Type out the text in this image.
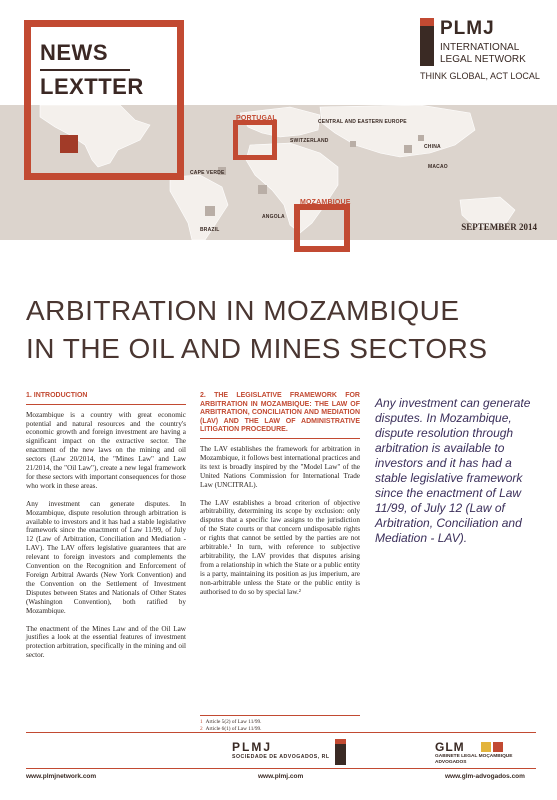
NEWS
LEXTTER
PORTUGAL	CENTRAL AND EASTERN EUROPE
SWITZERLAND
CHINA
MACAO
CAPE VERDE
ANGOLA
MOZAMBIQUE
BRAZIL	SEPTEMBER 2014
PLMJ
INTERNATIONAL
LEGAL NETWORK
THINK GLOBAL, ACT LOCAL
ARBITRATION IN MOZAMBIQUE
IN THE OIL AND MINES SECTORS
1. INTRODUCTION

Mozambique is a country with great economic potential and natural resources and the country's economic growth and foreign investment are having a significant impact on the extractive sector. The enactment of the new laws on the mining and oil sectors (Law 20/2014, the "Mines Law" and Law 21/2014, the "Oil Law"), create a new legal framework for these sectors with important consequences for those who work in these areas.

Any investment can generate disputes. In Mozambique, dispute resolution through arbitration is available to investors and it has had a stable legislative framework since the enactment of Law 11/99, of July 12 (Law of Arbitration, Conciliation and Mediation - LAV). The LAV offers legislative guarantees that are relevant to foreign investors and complements the Convention on the Recognition and Enforcement of Foreign Arbitral Awards (New York Convention) and the Convention on the Settlement of Investment Disputes between States and Nationals of Other States (Washington Convention), both ratified by Mozambique.

The enactment of the Mines Law and of the Oil Law justifies a look at the essential features of investment protection arbitration, specifically in the mining and oil sector.

2. THE LEGISLATIVE FRAMEWORK FOR ARBITRATION IN MOZAMBIQUE: THE LAW OF ARBITRATION, CONCILIATION AND MEDIATION (LAV) AND THE LAW OF ADMINISTRATIVE LITIGATION PROCEDURE.

The LAV establishes the framework for arbitration in Mozambique, it follows best international practices and its text is broadly inspired by the "Model Law" of the United Nations Commission for International Trade Law (UNCITRAL).

The LAV establishes a broad criterion of objective arbitrability, determining its scope by exclusion: only disputes that a specific law assigns to the jurisdiction of the State courts or that concern undisposable rights or rights that cannot be settled by the parties are not arbitrable.¹ In turn, with reference to subjective arbitrability, the LAV provides that disputes arising from a relationship in which the State or a public entity is a party, maintaining its position as jus imperium, are non-arbitrable unless the State or the public entity is authorised to do so by special law.²

1 Article 5(2) of Law 11/99.
2 Article 6(1) of Law 11/99.
Any investment can generate disputes. In Mozambique, dispute resolution through arbitration is available to investors and it has had a stable legislative framework since the enactment of Law 11/99, of July 12 (Law of Arbitration, Conciliation and Mediation - LAV).
PLMJ
SOCIEDADE DE ADVOGADOS, RL
GLM
GABINETE LEGAL MOÇAMBIQUE
ADVOGADOS
www.plmjnetwork.com	www.plmj.com	www.glm-advogados.com
